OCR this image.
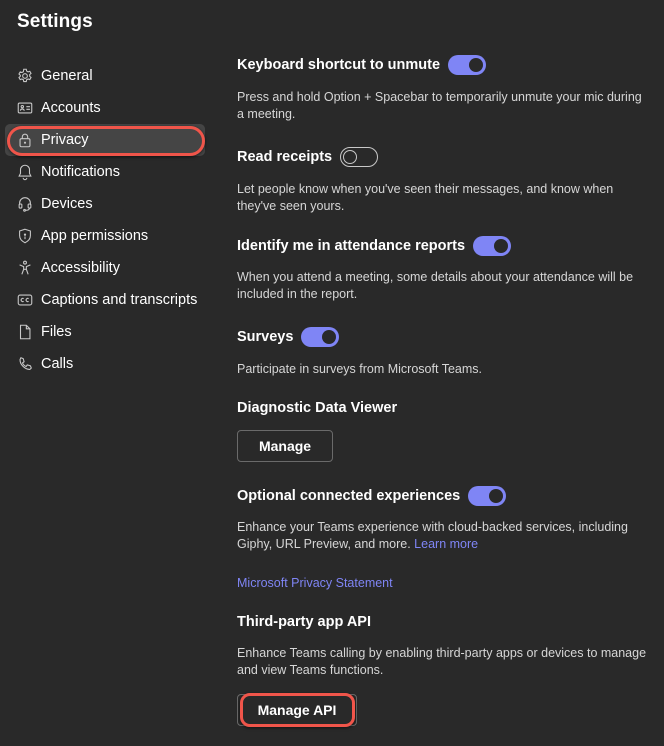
Settings
General
Accounts
Privacy
Notifications
Devices
App permissions
Accessibility
Captions and transcripts
Files
Calls
Keyboard shortcut to unmute
Press and hold Option + Spacebar to temporarily unmute your mic during a meeting.
Read receipts
Let people know when you've seen their messages, and know when they've seen yours.
Identify me in attendance reports
When you attend a meeting, some details about your attendance will be included in the report.
Surveys
Participate in surveys from Microsoft Teams.
Diagnostic Data Viewer
Manage
Optional connected experiences
Enhance your Teams experience with cloud-backed services, including Giphy, URL Preview, and more. Learn more
Microsoft Privacy Statement
Third-party app API
Enhance Teams calling by enabling third-party apps or devices to manage and view Teams functions.
Manage API
